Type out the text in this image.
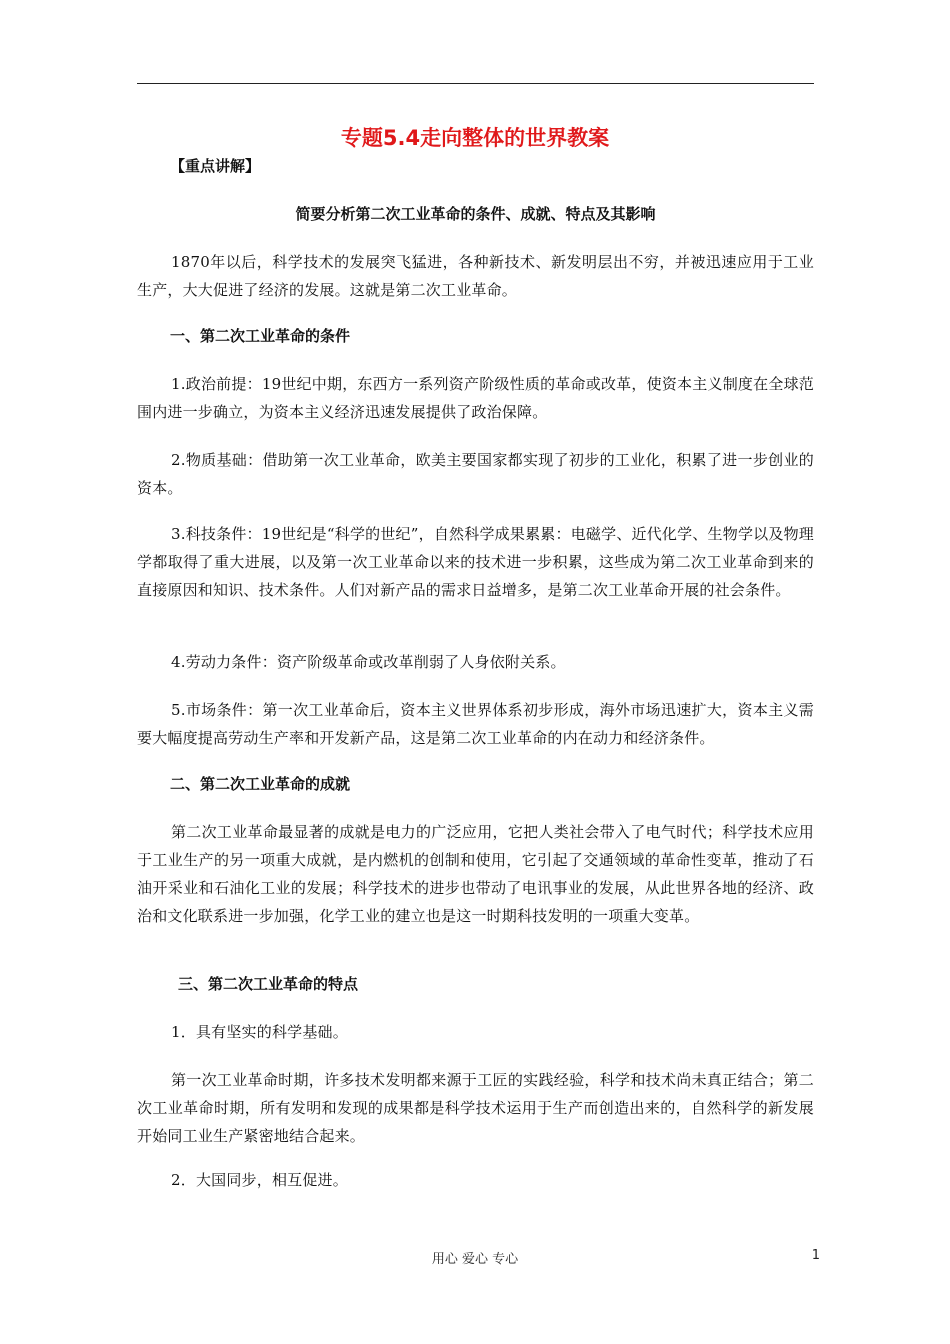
专题5.4走向整体的世界教案
【重点讲解】
简要分析第二次工业革命的条件、成就、特点及其影响
1870年以后，科学技术的发展突飞猛进，各种新技术、新发明层出不穷，并被迅速应用于工业生产，大大促进了经济的发展。这就是第二次工业革命。
一、第二次工业革命的条件
1.政治前提：19世纪中期，东西方一系列资产阶级性质的革命或改革，使资本主义制度在全球范围内进一步确立，为资本主义经济迅速发展提供了政治保障。
2.物质基础：借助第一次工业革命，欧美主要国家都实现了初步的工业化，积累了进一步创业的资本。
3.科技条件：19世纪是“科学的世纪”，自然科学成果累累：电磁学、近代化学、生物学以及物理学都取得了重大进展，以及第一次工业革命以来的技术进一步积累，这些成为第二次工业革命到来的直接原因和知识、技术条件。人们对新产品的需求日益增多，是第二次工业革命开展的社会条件。
4.劳动力条件：资产阶级革命或改革削弱了人身依附关系。
5.市场条件：第一次工业革命后，资本主义世界体系初步形成，海外市场迅速扩大，资本主义需要大幅度提高劳动生产率和开发新产品，这是第二次工业革命的内在动力和经济条件。
二、第二次工业革命的成就
第二次工业革命最显著的成就是电力的广泛应用，它把人类社会带入了电气时代；科学技术应用于工业生产的另一项重大成就，是内燃机的创制和使用，它引起了交通领域的革命性变革，推动了石油开采业和石油化工业的发展；科学技术的进步也带动了电讯事业的发展，从此世界各地的经济、政治和文化联系进一步加强，化学工业的建立也是这一时期科技发明的一项重大变革。
三、第二次工业革命的特点
1．具有坚实的科学基础。
第一次工业革命时期，许多技术发明都来源于工匠的实践经验，科学和技术尚未真正结合；第二次工业革命时期，所有发明和发现的成果都是科学技术运用于生产而创造出来的，自然科学的新发展开始同工业生产紧密地结合起来。
2．大国同步，相互促进。
用心 爱心 专心	1
